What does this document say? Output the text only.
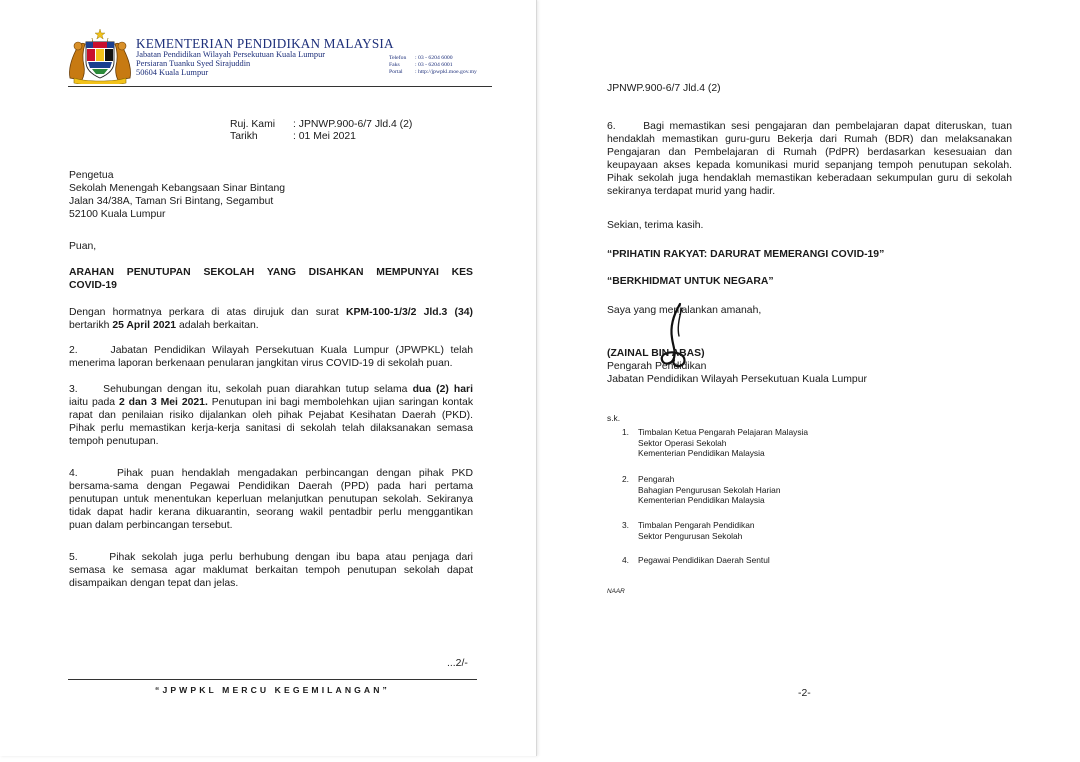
KEMENTERIAN PENDIDIKAN MALAYSIA
Jabatan Pendidikan Wilayah Persekutuan Kuala Lumpur
Persiaran Tuanku Syed Sirajuddin
50604 Kuala Lumpur
Telefon : 03 - 6204 6000
Faks	: 03 - 6204 6001
Portal : http://jpwpkl.moe.gov.my
Ruj. Kami : JPNWP.900-6/7 Jld.4 (2)
Tarikh	: 01 Mei 2021
Pengetua
Sekolah Menengah Kebangsaan Sinar Bintang
Jalan 34/38A, Taman Sri Bintang, Segambut
52100 Kuala Lumpur
Puan,
ARAHAN PENUTUPAN SEKOLAH YANG DISAHKAN MEMPUNYAI KES
COVID-19
Dengan hormatnya perkara di atas dirujuk dan surat KPM-100-1/3/2 Jld.3 (34)
bertarikh 25 April 2021 adalah berkaitan.
2.     Jabatan Pendidikan Wilayah Persekutuan Kuala Lumpur (JPWPKL) telah
menerima laporan berkenaan penularan jangkitan virus COVID-19 di sekolah puan.
3.     Sehubungan dengan itu, sekolah puan diarahkan tutup selama dua (2) hari
iaitu pada 2 dan 3 Mei 2021. Penutupan ini bagi membolehkan ujian saringan kontak
rapat dan penilaian risiko dijalankan oleh pihak Pejabat Kesihatan Daerah (PKD).
Pihak perlu memastikan kerja-kerja sanitasi di sekolah telah dilaksanakan semasa
tempoh penutupan.
4.     Pihak puan hendaklah mengadakan perbincangan dengan pihak PKD
bersama-sama dengan Pegawai Pendidikan Daerah (PPD) pada hari pertama
penutupan untuk menentukan keperluan melanjutkan penutupan sekolah. Sekiranya
tidak dapat hadir kerana dikuarantin, seorang wakil pentadbir perlu menggantikan
puan dalam perbincangan tersebut.
5.     Pihak sekolah juga perlu berhubung dengan ibu bapa atau penjaga dari
semasa ke semasa agar maklumat berkaitan tempoh penutupan sekolah dapat
disampaikan dengan tepat dan jelas.
...2/-
“JPWPKL MERCU KEGEMILANGAN”
JPNWP.900-6/7 Jld.4 (2)
6.     Bagi memastikan sesi pengajaran dan pembelajaran dapat diteruskan, tuan
hendaklah memastikan guru-guru Bekerja dari Rumah (BDR) dan melaksanakan
Pengajaran dan Pembelajaran di Rumah (PdPR) berdasarkan kesesuaian dan
keupayaan akses kepada komunikasi murid sepanjang tempoh penutupan sekolah.
Pihak sekolah juga hendaklah memastikan keberadaan sekumpulan guru di sekolah
sekiranya terdapat murid yang hadir.
Sekian, terima kasih.
“PRIHATIN RAKYAT: DARURAT MEMERANGI COVID-19”
“BERKHIDMAT UNTUK NEGARA”
Saya yang menjalankan amanah,
(ZAINAL BIN ABAS)
Pengarah Pendidikan
Jabatan Pendidikan Wilayah Persekutuan Kuala Lumpur
s.k.
1. Timbalan Ketua Pengarah Pelajaran Malaysia
Sektor Operasi Sekolah
Kementerian Pendidikan Malaysia
2. Pengarah
Bahagian Pengurusan Sekolah Harian
Kementerian Pendidikan Malaysia
3. Timbalan Pengarah Pendidikan
Sektor Pengurusan Sekolah
4. Pegawai Pendidikan Daerah Sentul
NAAR
-2-
